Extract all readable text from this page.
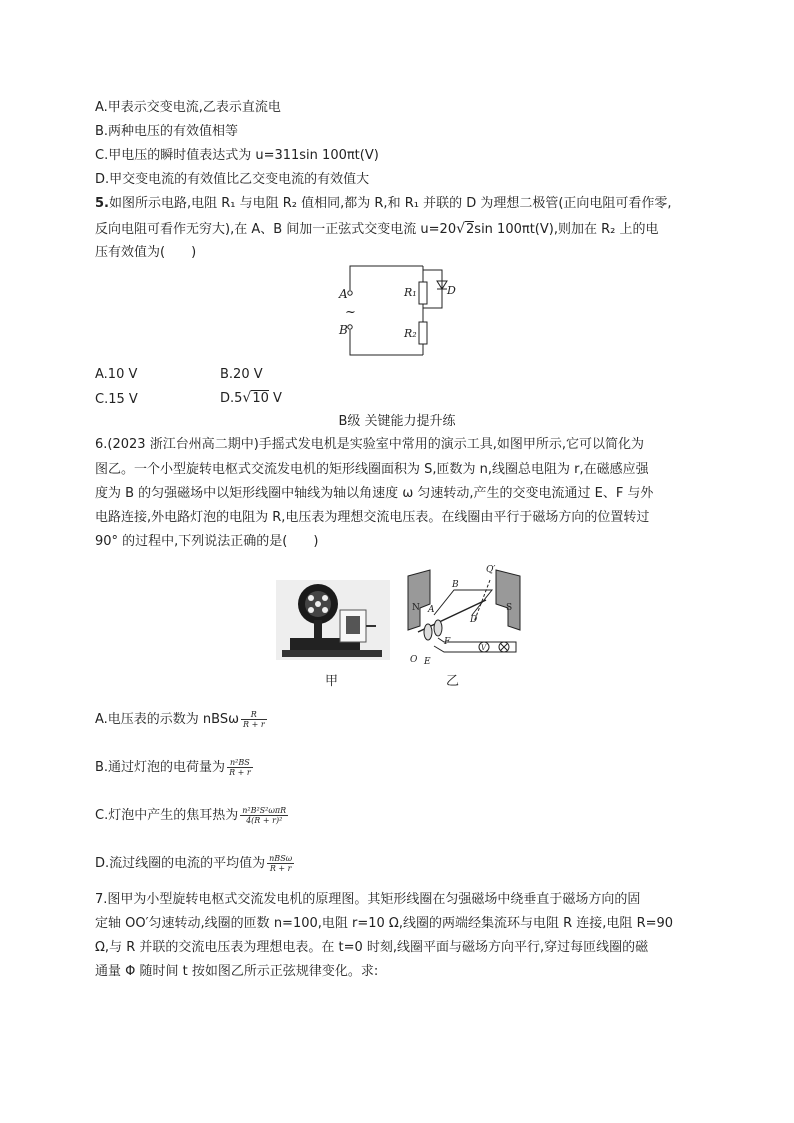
A.甲表示交变电流,乙表示直流电
B.两种电压的有效值相等
C.甲电压的瞬时值表达式为 u=311sin 100πt(V)
D.甲交变电流的有效值比乙交变电流的有效值大
5.如图所示电路,电阻 R₁ 与电阻 R₂ 值相同,都为 R,和 R₁ 并联的 D 为理想二极管(正向电阻可看作零,
反向电阻可看作无穷大),在 A、B 间加一正弦式交变电流 u=20√2sin 100πt(V),则加在 R₂ 上的电
压有效值为(　　)
A
B
~
R₁
R₂
D
A.10 V	B.20 V
C.15 V	D.5√10 V
B级 关键能力提升练
6.(2023 浙江台州高二期中)手摇式发电机是实验室中常用的演示工具,如图甲所示,它可以简化为
图乙。一个小型旋转电枢式交流发电机的矩形线圈面积为 S,匝数为 n,线圈总电阻为 r,在磁感应强
度为 B 的匀强磁场中以矩形线圈中轴线为轴以角速度 ω 匀速转动,产生的交变电流通过 E、F 与外
电路连接,外电路灯泡的电阻为 R,电压表为理想交流电压表。在线圈由平行于磁场方向的位置转过
90° 的过程中,下列说法正确的是(　　)
甲
V
N	S
A
B
D
F
E
O
Q′
乙
A.电压表的示数为 nBSω $\frac{R}{R + r}$
B.通过灯泡的电荷量为 $\frac{\text{n²BS}}{R + r}$
C.灯泡中产生的焦耳热为 $\frac{\text{n²B²S²ωπR}}{\text{4(R + r)²}}$
D.流过线圈的电流的平均值为 $\frac{\text{nBSω}}{R + r}$
7.图甲为小型旋转电枢式交流发电机的原理图。其矩形线圈在匀强磁场中绕垂直于磁场方向的固
定轴 OO′匀速转动,线圈的匝数 n=100,电阻 r=10 Ω,线圈的两端经集流环与电阻 R 连接,电阻 R=90
Ω,与 R 并联的交流电压表为理想电表。在 t=0 时刻,线圈平面与磁场方向平行,穿过每匝线圈的磁
通量 Φ 随时间 t 按如图乙所示正弦规律变化。求:
